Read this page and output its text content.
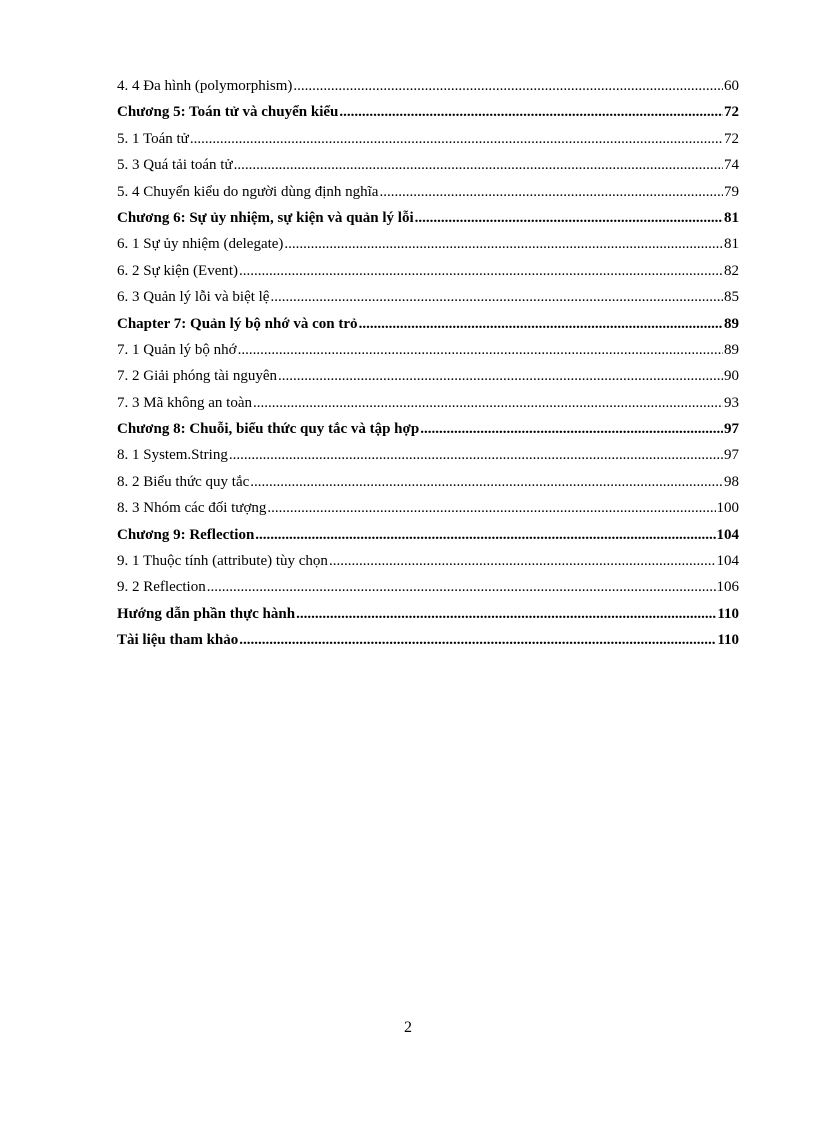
4. 4 Đa hình (polymorphism) .....	60
Chương 5: Toán tử và chuyển kiểu .....	72
5. 1 Toán tử .....	72
5. 3 Quá tải toán tử .....	74
5. 4 Chuyển kiểu do người dùng định nghĩa .....	79
Chương 6: Sự ủy nhiệm, sự kiện và quản lý lỗi .....	81
6. 1 Sự ủy nhiệm (delegate) .....	81
6. 2 Sự kiện (Event) .....	82
6. 3 Quản lý lỗi và biệt lệ .....	85
Chapter 7: Quản lý bộ nhớ và con trỏ .....	89
7. 1 Quản lý bộ nhớ .....	89
7. 2 Giải phóng tài nguyên .....	90
7. 3 Mã không an toàn .....	93
Chương 8: Chuỗi, biểu thức quy tắc và tập hợp .....	97
8. 1 System.String .....	97
8. 2 Biểu thức quy tắc .....	98
8. 3 Nhóm các đối tượng .....	100
Chương 9: Reflection .....	104
9. 1 Thuộc tính (attribute) tùy chọn .....	104
9. 2 Reflection .....	106
Hướng dẫn phần thực hành .....	110
Tài liệu tham khảo .....	110
2
